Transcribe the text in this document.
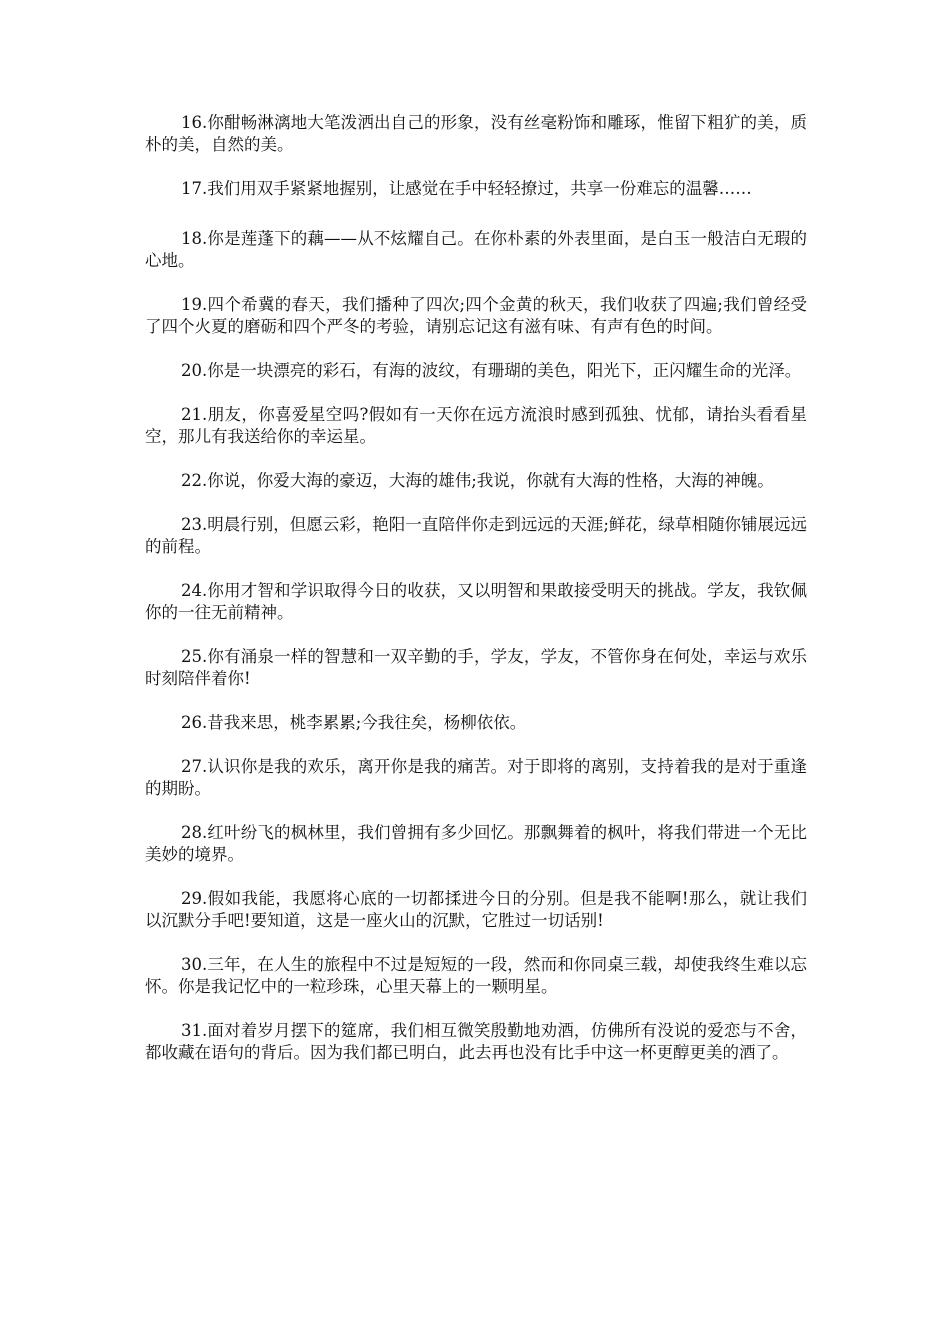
16.你酣畅淋漓地大笔泼洒出自己的形象，没有丝毫粉饰和雕琢，惟留下粗犷的美，质朴的美，自然的美。

17.我们用双手紧紧地握别，让感觉在手中轻轻撩过，共享一份难忘的温馨……

18.你是莲蓬下的藕——从不炫耀自己。在你朴素的外表里面，是白玉一般洁白无瑕的心地。

19.四个希冀的春天，我们播种了四次;四个金黄的秋天，我们收获了四遍;我们曾经受了四个火夏的磨砺和四个严冬的考验，请别忘记这有滋有味、有声有色的时间。

20.你是一块漂亮的彩石，有海的波纹，有珊瑚的美色，阳光下，正闪耀生命的光泽。

21.朋友，你喜爱星空吗?假如有一天你在远方流浪时感到孤独、忧郁，请抬头看看星空，那儿有我送给你的幸运星。

22.你说，你爱大海的豪迈，大海的雄伟;我说，你就有大海的性格，大海的神魄。

23.明晨行别，但愿云彩，艳阳一直陪伴你走到远远的天涯;鲜花，绿草相随你铺展远远的前程。

24.你用才智和学识取得今日的收获，又以明智和果敢接受明天的挑战。学友，我钦佩你的一往无前精神。

25.你有涌泉一样的智慧和一双辛勤的手，学友，学友，不管你身在何处，幸运与欢乐时刻陪伴着你!

26.昔我来思，桃李累累;今我往矣，杨柳依依。

27.认识你是我的欢乐，离开你是我的痛苦。对于即将的离别，支持着我的是对于重逢的期盼。

28.红叶纷飞的枫林里，我们曾拥有多少回忆。那飘舞着的枫叶，将我们带进一个无比美妙的境界。

29.假如我能，我愿将心底的一切都揉进今日的分别。但是我不能啊!那么，就让我们以沉默分手吧!要知道，这是一座火山的沉默，它胜过一切话别!

30.三年，在人生的旅程中不过是短短的一段，然而和你同桌三载，却使我终生难以忘怀。你是我记忆中的一粒珍珠，心里天幕上的一颗明星。

31.面对着岁月摆下的筵席，我们相互微笑殷勤地劝酒，仿佛所有没说的爱恋与不舍，都收藏在语句的背后。因为我们都已明白，此去再也没有比手中这一杯更醇更美的酒了。
